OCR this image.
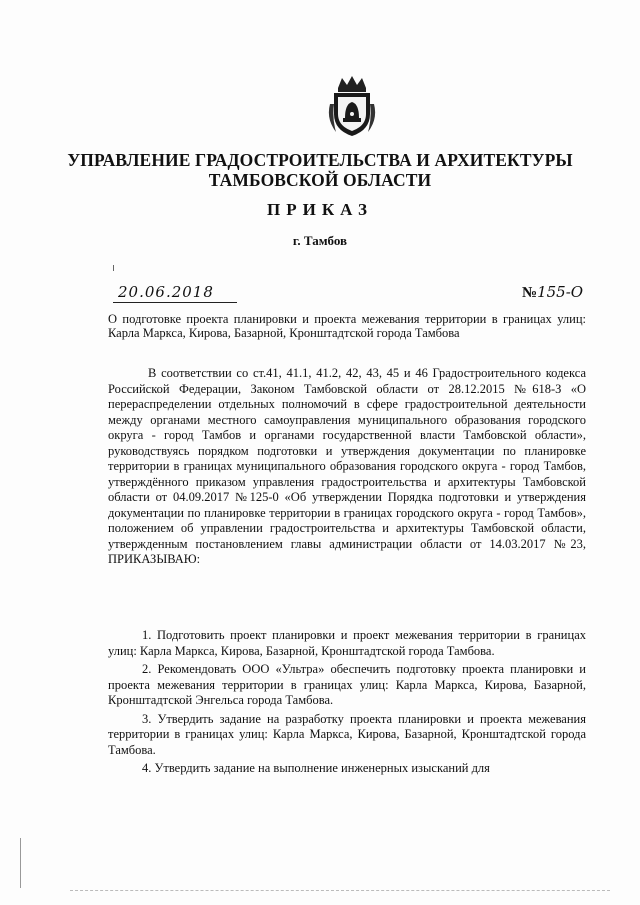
УПРАВЛЕНИЕ ГРАДОСТРОИТЕЛЬСТВА И АРХИТЕКТУРЫ
ТАМБОВСКОЙ ОБЛАСТИ
ПРИКАЗ
г. Тамбов
20.06.2018	№155-О
О подготовке проекта планировки и проекта межевания территории в границах улиц: Карла Маркса, Кирова, Базарной, Кронштадтской города Тамбова

В соответствии со ст.41, 41.1, 41.2, 42, 43, 45 и 46 Градостроительного кодекса Российской Федерации, Законом Тамбовской области от 28.12.2015 №618-З «О перераспределении отдельных полномочий в сфере градостроительной деятельности между органами местного самоуправления муниципального образования городского округа - город Тамбов и органами государственной власти Тамбовской области», руководствуясь порядком подготовки и утверждения документации по планировке территории в границах муниципального образования городского округа - город Тамбов, утверждённого приказом управления градостроительства и архитектуры Тамбовской области от 04.09.2017 №125-0 «Об утверждении Порядка подготовки и утверждения документации по планировке территории в границах городского округа - город Тамбов», положением об управлении градостроительства и архитектуры Тамбовской области, утвержденным постановлением главы администрации области от 14.03.2017 №23, ПРИКАЗЫВАЮ:

1. Подготовить проект планировки и проект межевания территории в границах улиц: Карла Маркса, Кирова, Базарной, Кронштадтской города Тамбова.

2. Рекомендовать ООО «Ультра» обеспечить подготовку проекта планировки и проекта межевания территории в границах улиц: Карла Маркса, Кирова, Базарной, Кронштадтской Энгельса города Тамбова.

3. Утвердить задание на разработку проекта планировки и проекта межевания территории в границах улиц: Карла Маркса, Кирова, Базарной, Кронштадтской города Тамбова.

4. Утвердить задание на выполнение инженерных изысканий для
